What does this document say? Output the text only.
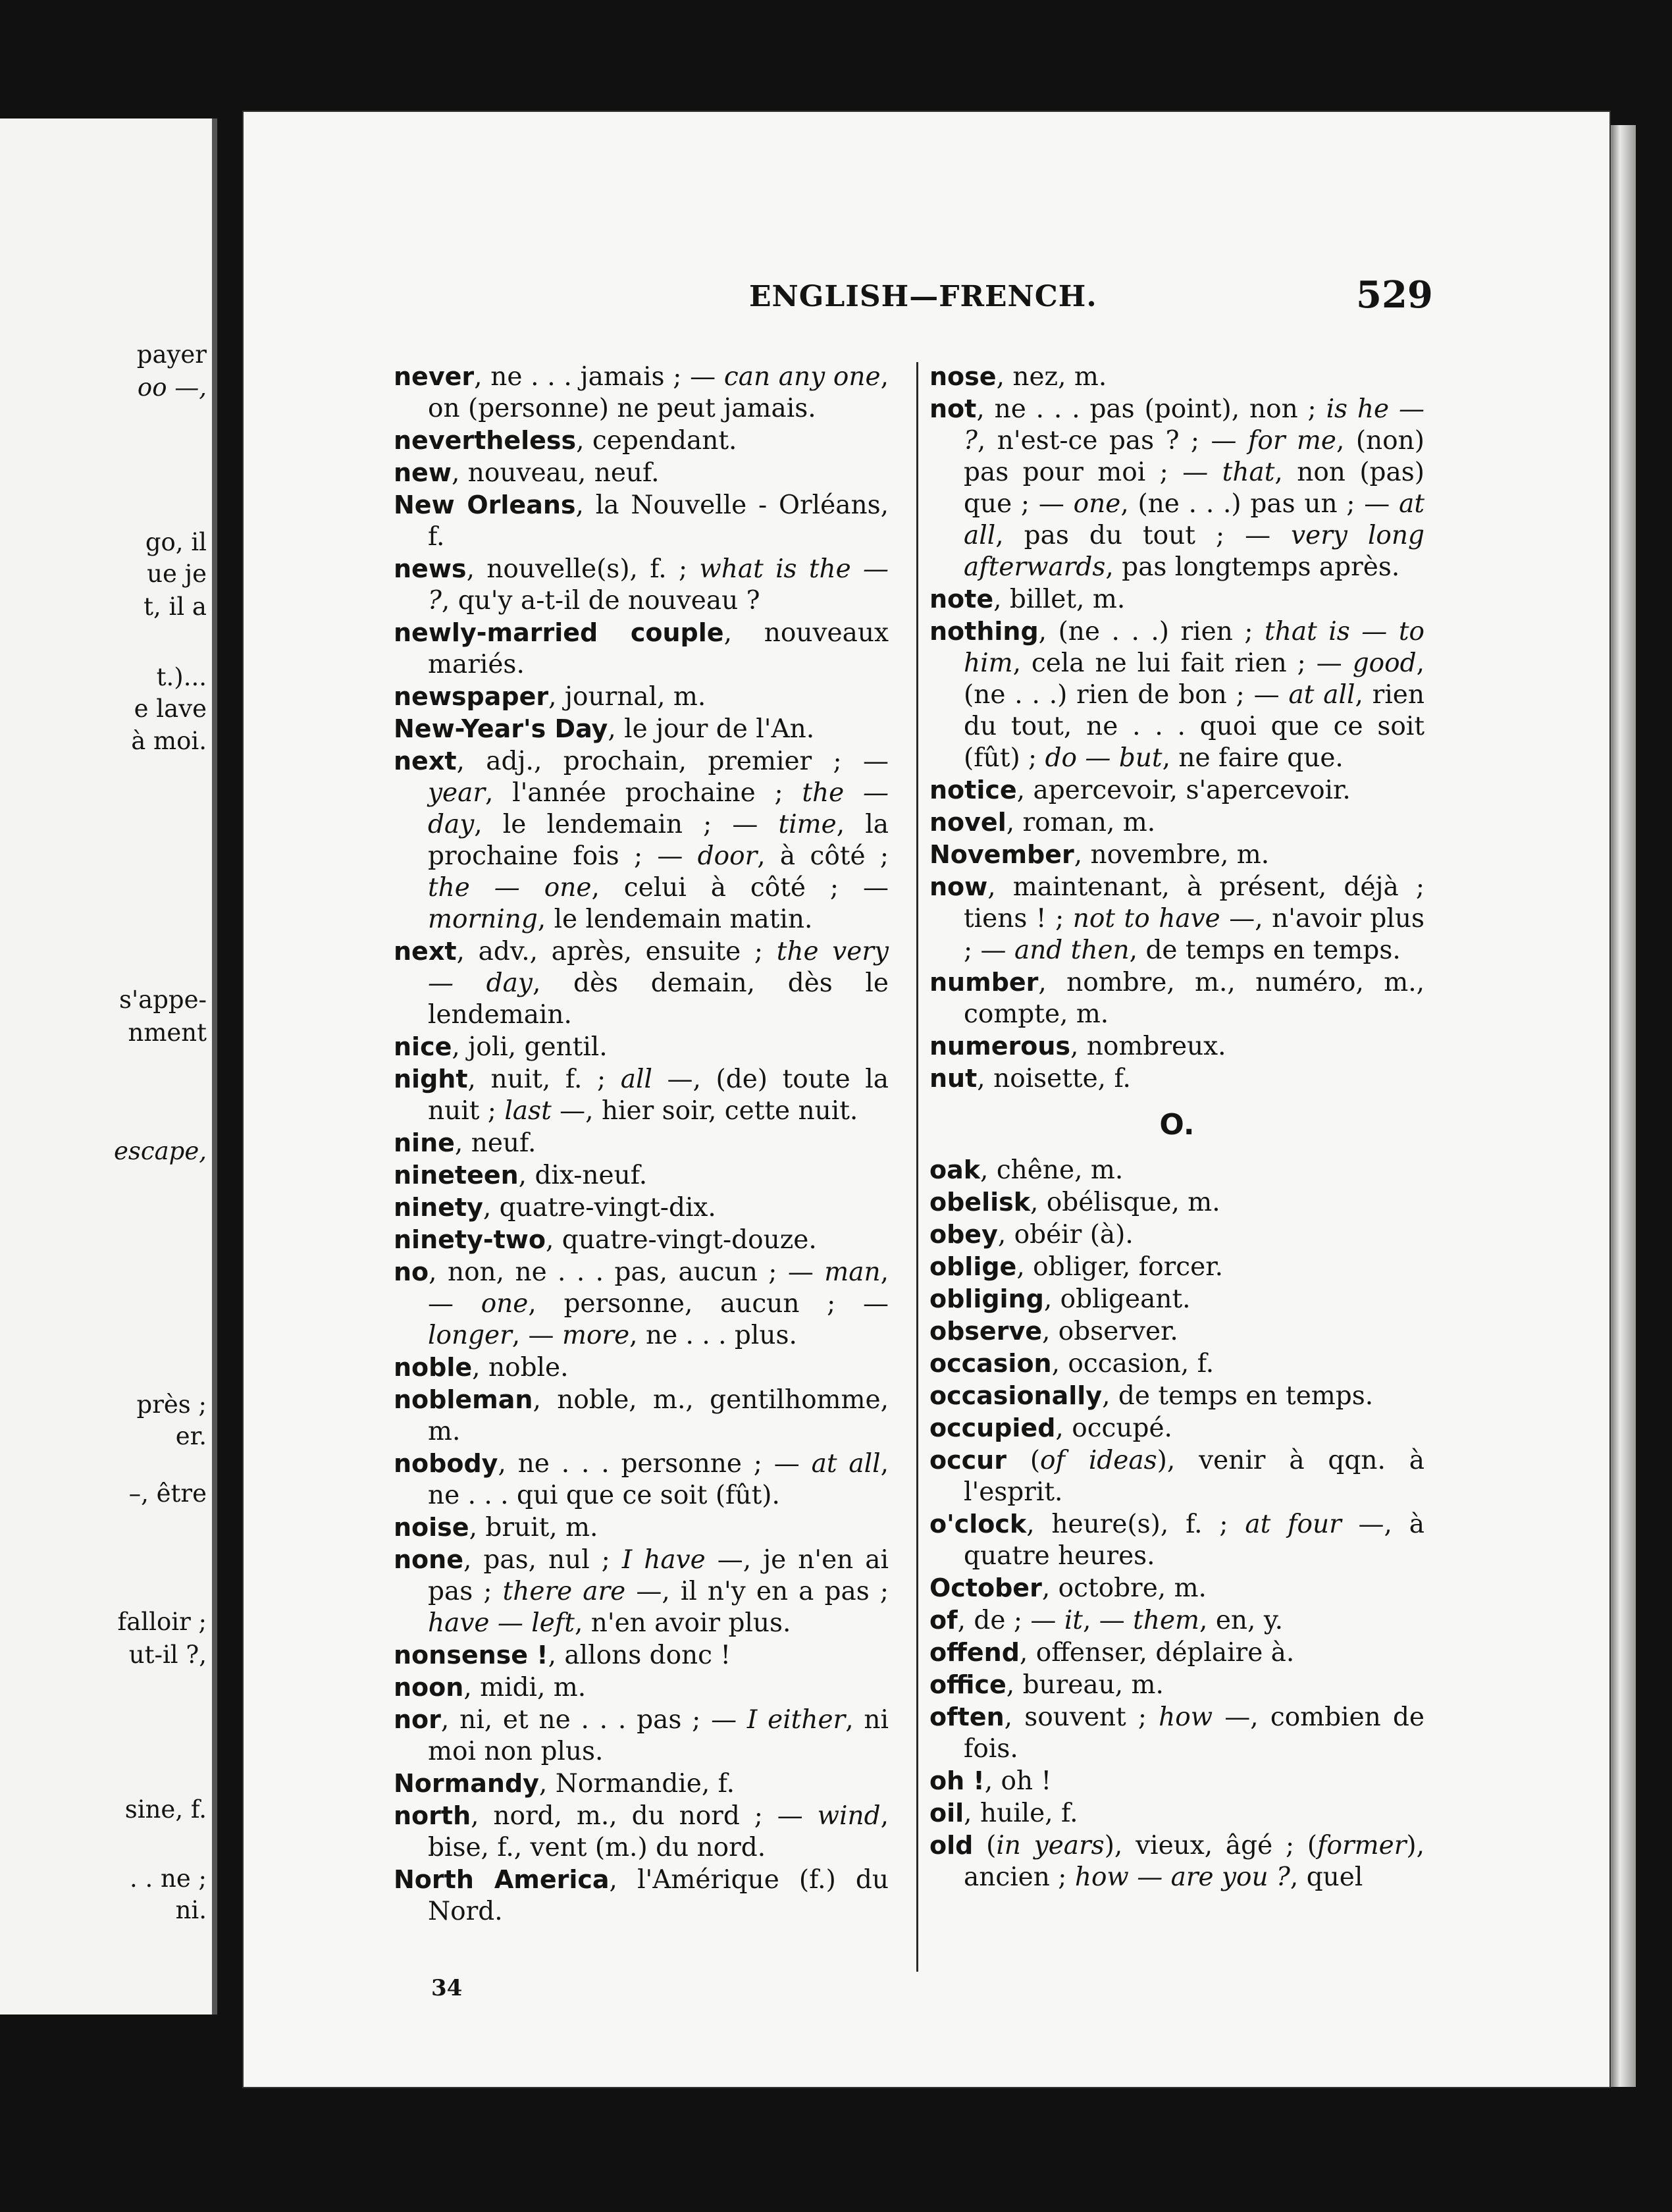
payer
oo —,
go, il
ue je
t, il a
t.)...
e lave
à moi.
s'appe-
nment
escape,
près ;
er.
–, être
falloir ;
ut-il ?,
sine, f.
. . ne ;
ni.
ENGLISH—FRENCH.	529
never, ne . . . jamais ; — can any one, on (personne) ne peut jamais.
nevertheless, cependant.
new, nouveau, neuf.
New Orleans, la Nouvelle - Orléans, f.
news, nouvelle(s), f. ; what is the — ?, qu'y a-t-il de nouveau ?
newly-married couple, nouveaux mariés.
newspaper, journal, m.
New-Year's Day, le jour de l'An.
next, adj., prochain, premier ; — year, l'année prochaine ; the — day, le lendemain ; — time, la prochaine fois ; — door, à côté ; the — one, celui à côté ; — morning, le lendemain matin.
next, adv., après, ensuite ; the very — day, dès demain, dès le lendemain.
nice, joli, gentil.
night, nuit, f. ; all —, (de) toute la nuit ; last —, hier soir, cette nuit.
nine, neuf.
nineteen, dix-neuf.
ninety, quatre-vingt-dix.
ninety-two, quatre-vingt-douze.
no, non, ne . . . pas, aucun ; — man, — one, personne, aucun ; — longer, — more, ne . . . plus.
noble, noble.
nobleman, noble, m., gentilhomme, m.
nobody, ne . . . personne ; — at all, ne . . . qui que ce soit (fût).
noise, bruit, m.
none, pas, nul ; I have —, je n'en ai pas ; there are —, il n'y en a pas ; have — left, n'en avoir plus.
nonsense !, allons donc !
noon, midi, m.
nor, ni, et ne . . . pas ; — I either, ni moi non plus.
Normandy, Normandie, f.
north, nord, m., du nord ; — wind, bise, f., vent (m.) du nord.
North America, l'Amérique (f.) du Nord.
nose, nez, m.
not, ne . . . pas (point), non ; is he — ?, n'est-ce pas ? ; — for me, (non) pas pour moi ; — that, non (pas) que ; — one, (ne . . .) pas un ; — at all, pas du tout ; — very long afterwards, pas longtemps après.
note, billet, m.
nothing, (ne . . .) rien ; that is — to him, cela ne lui fait rien ; — good, (ne . . .) rien de bon ; — at all, rien du tout, ne . . . quoi que ce soit (fût) ; do — but, ne faire que.
notice, apercevoir, s'apercevoir.
novel, roman, m.
November, novembre, m.
now, maintenant, à présent, déjà ; tiens ! ; not to have —, n'avoir plus ; — and then, de temps en temps.
number, nombre, m., numéro, m., compte, m.
numerous, nombreux.
nut, noisette, f.
O.
oak, chêne, m.
obelisk, obélisque, m.
obey, obéir (à).
oblige, obliger, forcer.
obliging, obligeant.
observe, observer.
occasion, occasion, f.
occasionally, de temps en temps.
occupied, occupé.
occur (of ideas), venir à qqn. à l'esprit.
o'clock, heure(s), f. ; at four —, à quatre heures.
October, octobre, m.
of, de ; — it, — them, en, y.
offend, offenser, déplaire à.
office, bureau, m.
often, souvent ; how —, combien de fois.
oh !, oh !
oil, huile, f.
old (in years), vieux, âgé ; (former), ancien ; how — are you ?, quel
34
